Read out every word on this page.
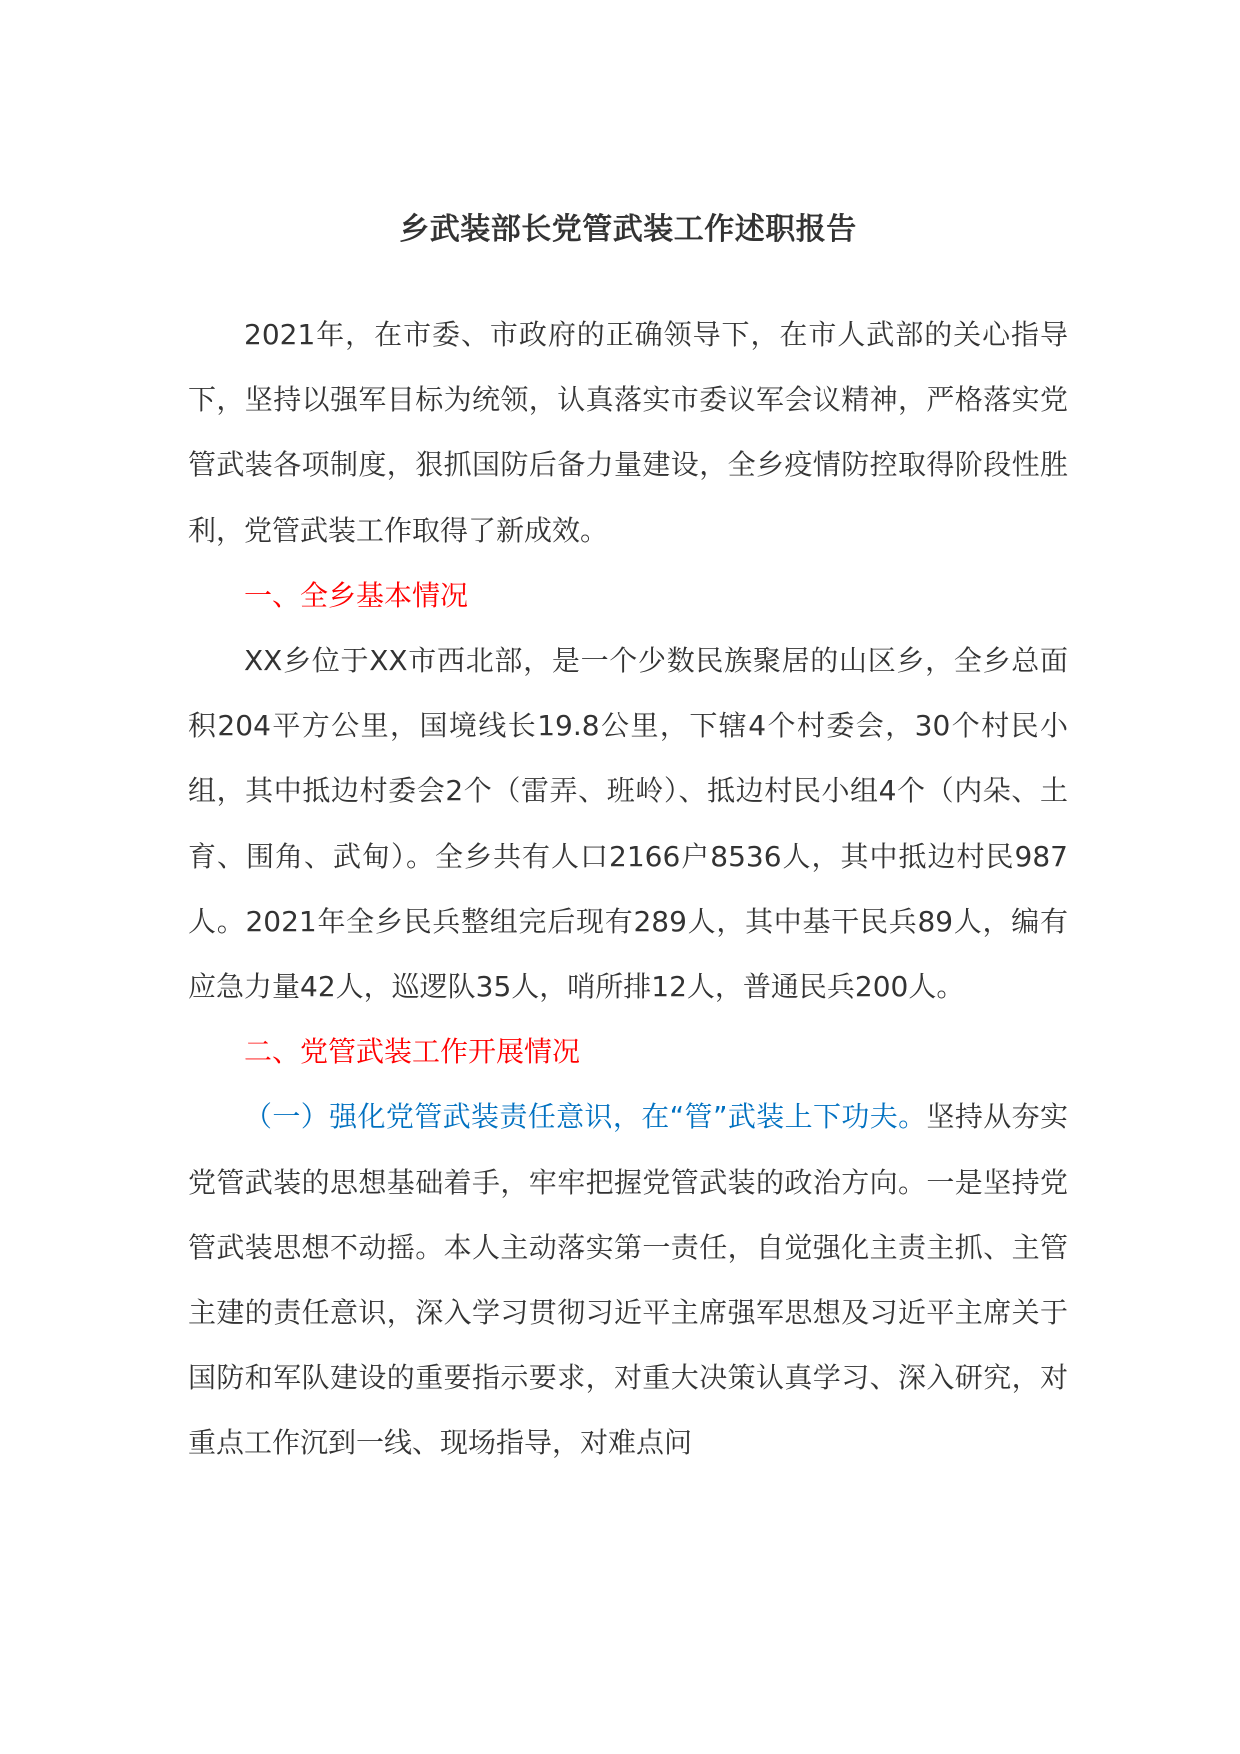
乡武装部长党管武装工作述职报告

2021年，在市委、市政府的正确领导下，在市人武部的关心指导下，坚持以强军目标为统领，认真落实市委议军会议精神，严格落实党管武装各项制度，狠抓国防后备力量建设，全乡疫情防控取得阶段性胜利，党管武装工作取得了新成效。

一、全乡基本情况

XX乡位于XX市西北部，是一个少数民族聚居的山区乡，全乡总面积204平方公里，国境线长19.8公里，下辖4个村委会，30个村民小组，其中抵边村委会2个（雷弄、班岭）、抵边村民小组4个（内朵、土育、围角、武甸）。全乡共有人口2166户8536人，其中抵边村民987人。2021年全乡民兵整组完后现有289人，其中基干民兵89人，编有应急力量42人，巡逻队35人，哨所排12人，普通民兵200人。

二、党管武装工作开展情况

（一）强化党管武装责任意识，在“管”武装上下功夫。坚持从夯实党管武装的思想基础着手，牢牢把握党管武装的政治方向。一是坚持党管武装思想不动摇。本人主动落实第一责任，自觉强化主责主抓、主管主建的责任意识，深入学习贯彻习近平主席强军思想及习近平主席关于国防和军队建设的重要指示要求，对重大决策认真学习、深入研究，对重点工作沉到一线、现场指导，对难点问
